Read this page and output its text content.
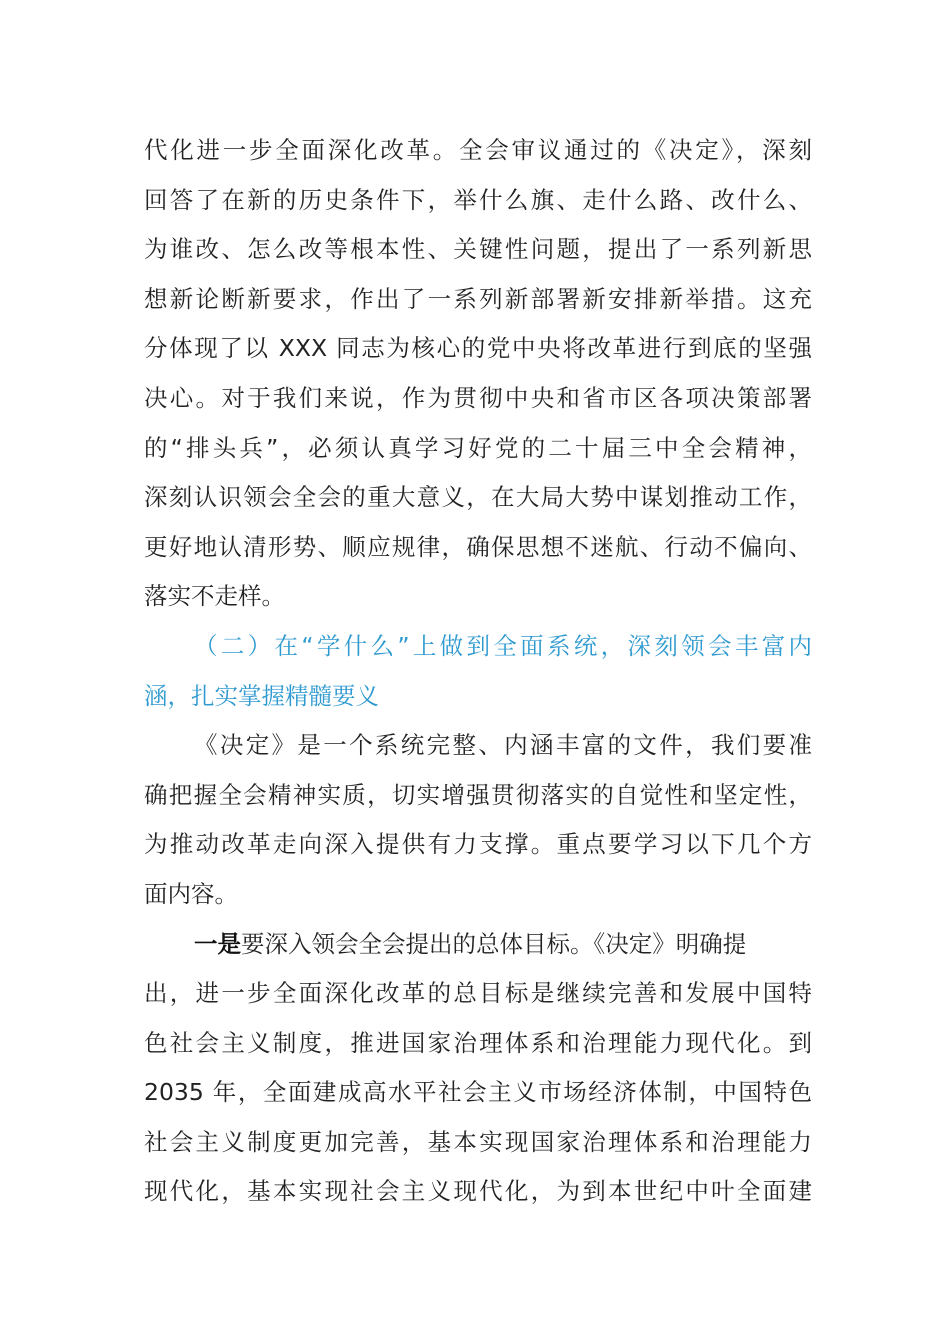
代化进一步全面深化改革。全会审议通过的《决定》，深刻
回答了在新的历史条件下，举什么旗、走什么路、改什么、
为谁改、怎么改等根本性、关键性问题，提出了一系列新思
想新论断新要求，作出了一系列新部署新安排新举措。这充
分体现了以 XXX 同志为核心的党中央将改革进行到底的坚强
决心。对于我们来说，作为贯彻中央和省市区各项决策部署
的“排头兵”，必须认真学习好党的二十届三中全会精神，
深刻认识领会全会的重大意义，在大局大势中谋划推动工作，
更好地认清形势、顺应规律，确保思想不迷航、行动不偏向、
落实不走样。
（二）在“学什么”上做到全面系统，深刻领会丰富内
涵，扎实掌握精髓要义
《决定》是一个系统完整、内涵丰富的文件，我们要准
确把握全会精神实质，切实增强贯彻落实的自觉性和坚定性，
为推动改革走向深入提供有力支撑。重点要学习以下几个方
面内容。
一是要深入领会全会提出的总体目标。《决定》明确提
出，进一步全面深化改革的总目标是继续完善和发展中国特
色社会主义制度，推进国家治理体系和治理能力现代化。到
2035 年，全面建成高水平社会主义市场经济体制，中国特色
社会主义制度更加完善，基本实现国家治理体系和治理能力
现代化，基本实现社会主义现代化，为到本世纪中叶全面建
